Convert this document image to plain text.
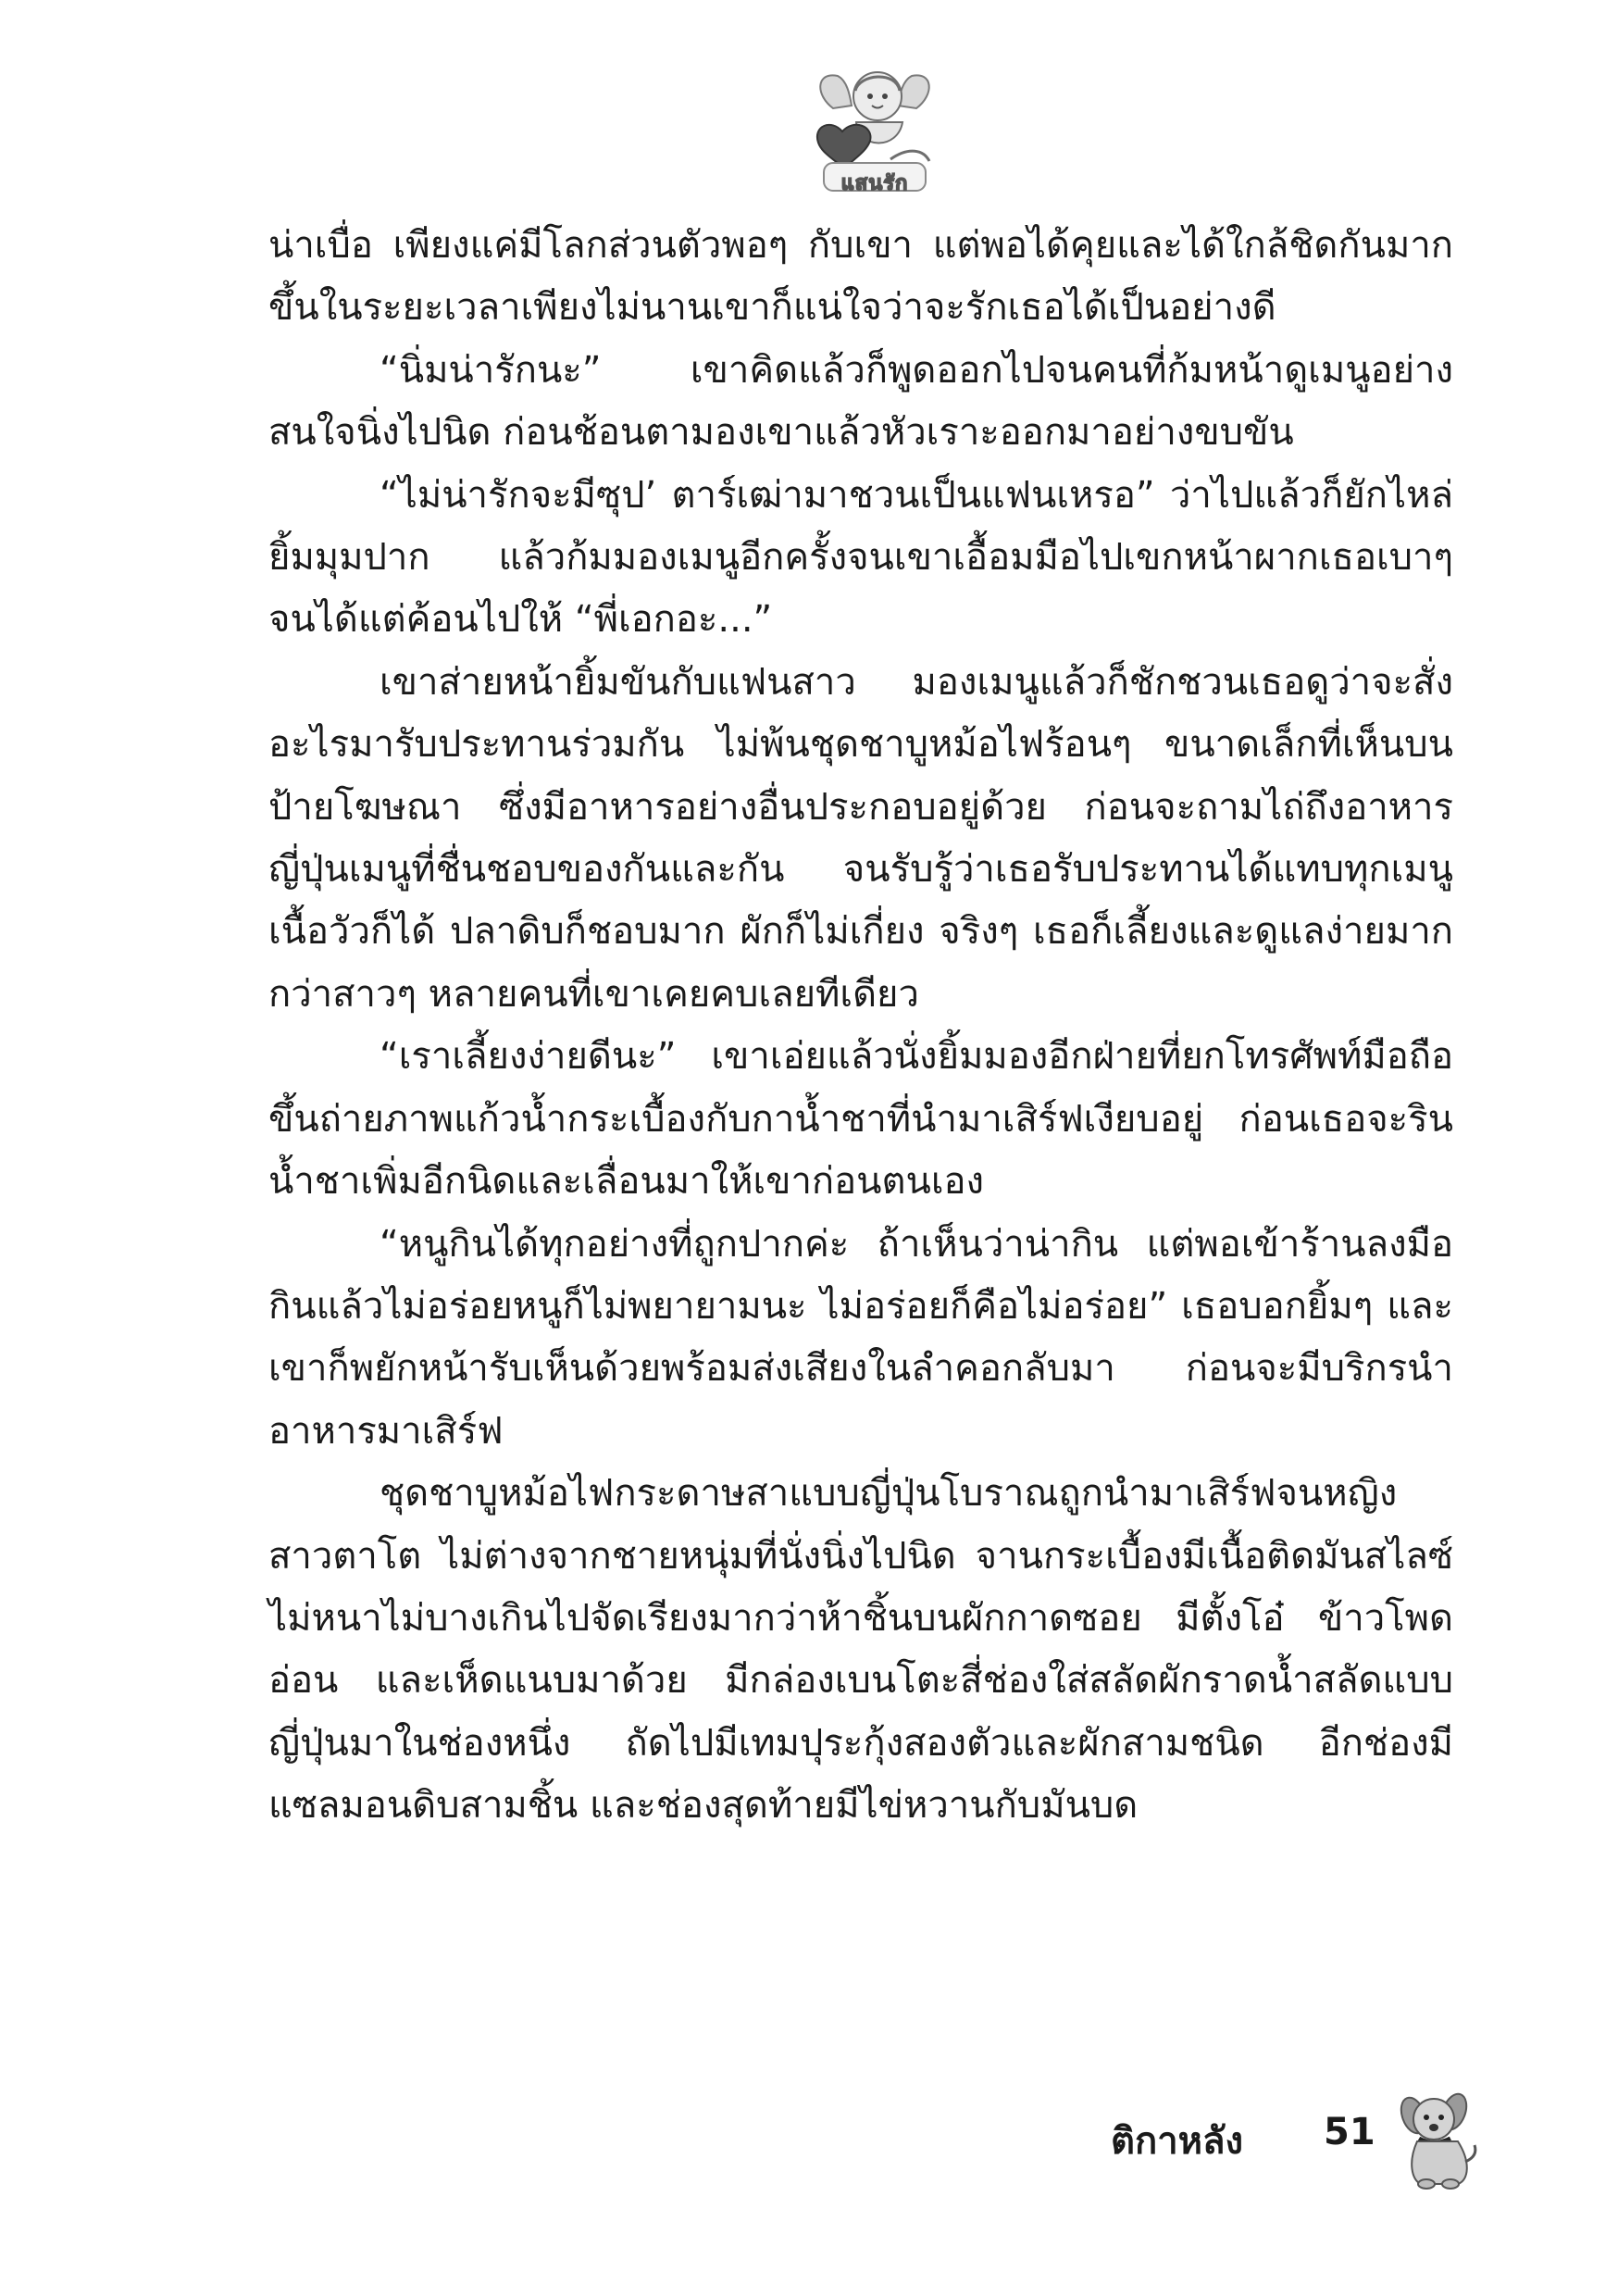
แสนรัก

น่าเบื่อ เพียงแค่มีโลกส่วนตัวพอๆ กับเขา แต่พอได้คุยและได้ใกล้ชิดกันมากขึ้นในระยะเวลาเพียงไม่นานเขาก็แน่ใจว่าจะรักเธอได้เป็นอย่างดี

“นิ่มน่ารักนะ” เขาคิดแล้วก็พูดออกไปจนคนที่ก้มหน้าดูเมนูอย่างสนใจนิ่งไปนิด ก่อนช้อนตามองเขาแล้วหัวเราะออกมาอย่างขบขัน

“ไม่น่ารักจะมีซุป’ ตาร์เฒ่ามาชวนเป็นแฟนเหรอ” ว่าไปแล้วก็ยักไหล่ยิ้มมุมปาก แล้วก้มมองเมนูอีกครั้งจนเขาเอื้อมมือไปเขกหน้าผากเธอเบาๆ จนได้แต่ค้อนไปให้ “พี่เอกอะ...”

เขาส่ายหน้ายิ้มขันกับแฟนสาว มองเมนูแล้วก็ชักชวนเธอดูว่าจะสั่งอะไรมารับประทานร่วมกัน ไม่พ้นชุดชาบูหม้อไฟร้อนๆ ขนาดเล็กที่เห็นบนป้ายโฆษณา ซึ่งมีอาหารอย่างอื่นประกอบอยู่ด้วย ก่อนจะถามไถ่ถึงอาหารญี่ปุ่นเมนูที่ชื่นชอบของกันและกัน จนรับรู้ว่าเธอรับประทานได้แทบทุกเมนู เนื้อวัวก็ได้ ปลาดิบก็ชอบมาก ผักก็ไม่เกี่ยง จริงๆ เธอก็เลี้ยงและดูแลง่ายมากกว่าสาวๆ หลายคนที่เขาเคยคบเลยทีเดียว

“เราเลี้ยงง่ายดีนะ” เขาเอ่ยแล้วนั่งยิ้มมองอีกฝ่ายที่ยกโทรศัพท์มือถือขึ้นถ่ายภาพแก้วน้ำกระเบื้องกับกาน้ำชาที่นำมาเสิร์ฟเงียบอยู่ ก่อนเธอจะรินน้ำชาเพิ่มอีกนิดและเลื่อนมาให้เขาก่อนตนเอง

“หนูกินได้ทุกอย่างที่ถูกปากค่ะ ถ้าเห็นว่าน่ากิน แต่พอเข้าร้านลงมือกินแล้วไม่อร่อยหนูก็ไม่พยายามนะ ไม่อร่อยก็คือไม่อร่อย” เธอบอกยิ้มๆ และเขาก็พยักหน้ารับเห็นด้วยพร้อมส่งเสียงในลำคอกลับมา ก่อนจะมีบริกรนำอาหารมาเสิร์ฟ

ชุดชาบูหม้อไฟกระดาษสาแบบญี่ปุ่นโบราณถูกนำมาเสิร์ฟจนหญิงสาวตาโต ไม่ต่างจากชายหนุ่มที่นั่งนิ่งไปนิด จานกระเบื้องมีเนื้อติดมันสไลซ์ไม่หนาไม่บางเกินไปจัดเรียงมากว่าห้าชิ้นบนผักกาดซอย มีตั้งโอ๋ ข้าวโพดอ่อน และเห็ดแนบมาด้วย มีกล่องเบนโตะสี่ช่องใส่สลัดผักราดน้ำสลัดแบบญี่ปุ่นมาในช่องหนึ่ง ถัดไปมีเทมปุระกุ้งสองตัวและผักสามชนิด อีกช่องมีแซลมอนดิบสามชิ้น และช่องสุดท้ายมีไข่หวานกับมันบด

ติกาหลัง 51
